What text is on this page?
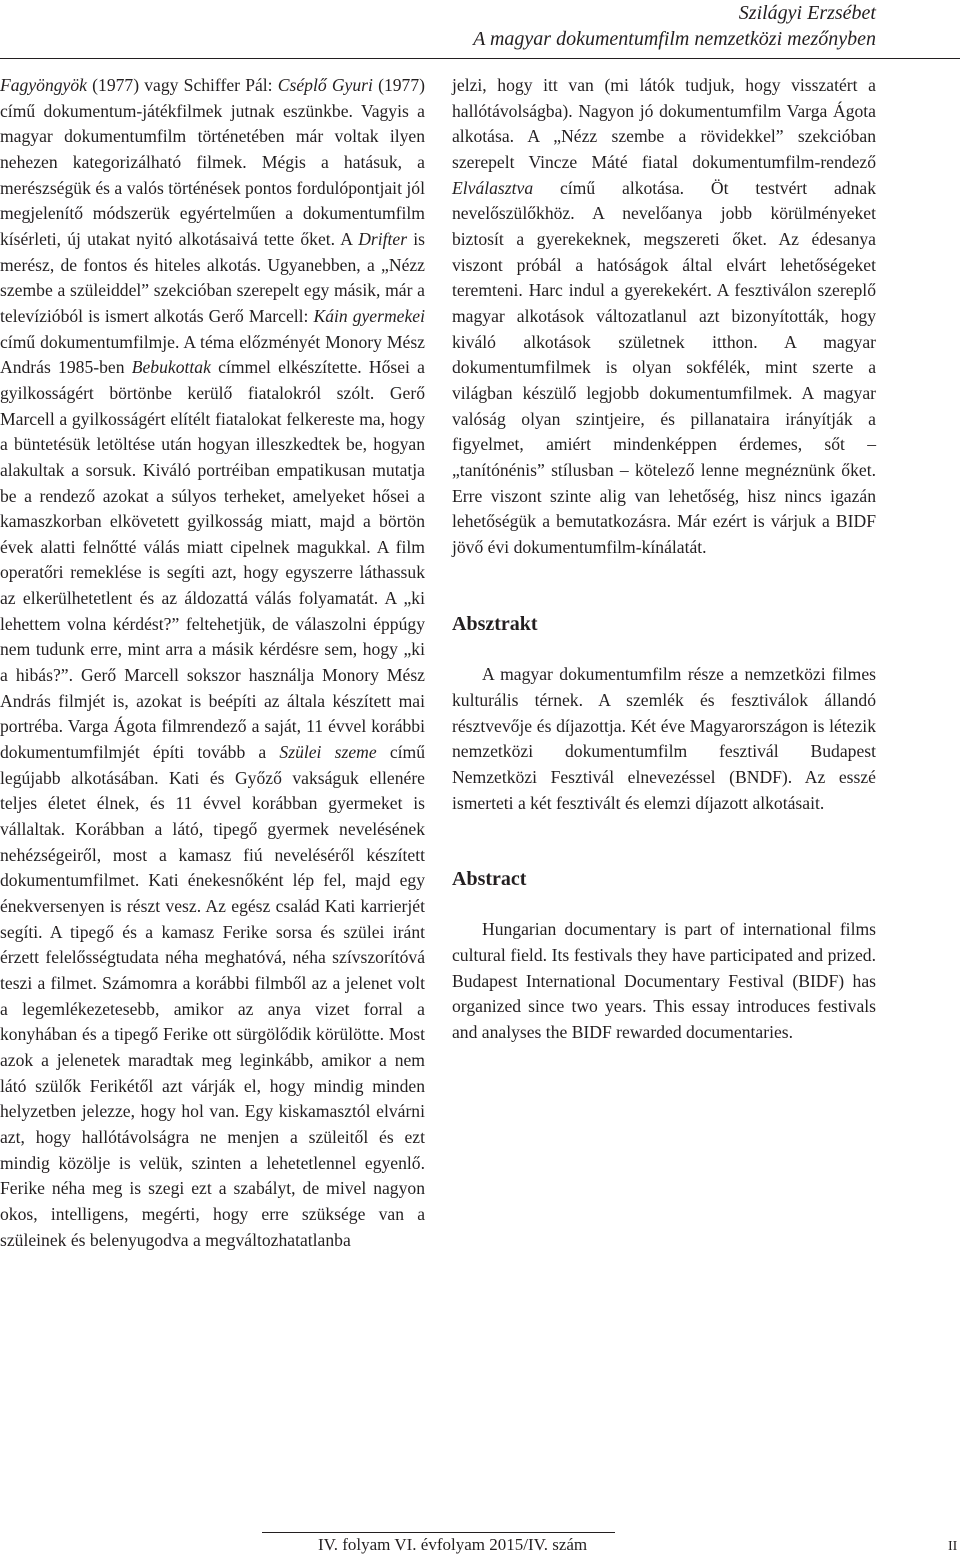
Szilágyi Erzsébet
A magyar dokumentumfilm nemzetközi mezőnyben

Fagyöngyök (1977) vagy Schiffer Pál: Cséplő Gyuri (1977) című dokumentum-játékfilmek jutnak eszünkbe. Vagyis a magyar dokumentumfilm történetében már voltak ilyen nehezen kategorizálható filmek. Mégis a hatásuk, a merészségük és a valós történések pontos fordulópontjait jól megjelenítő módszerük egyértelműen a dokumentumfilm kísérleti, új utakat nyitó alkotásaivá tette őket. A Drifter is merész, de fontos és hiteles alkotás. Ugyanebben, a „Nézz szembe a szüleiddel” szekcióban szerepelt egy másik, már a televízióból is ismert alkotás Gerő Marcell: Káin gyermekei című dokumentumfilmje. A téma előzményét Monory Mész András 1985-ben Bebukottak címmel elkészítette. Hősei a gyilkosságért börtönbe kerülő fiatalokról szólt. Gerő Marcell a gyilkosságért elítélt fiatalokat felkereste ma, hogy a büntetésük letöltése után hogyan illeszkedtek be, hogyan alakultak a sorsuk. Kiváló portréiban empatikusan mutatja be a rendező azokat a súlyos terheket, amelyeket hősei a kamaszkorban elkövetett gyilkosság miatt, majd a börtön évek alatti felnőtté válás miatt cipelnek magukkal. A film operatőri remeklése is segíti azt, hogy egyszerre láthassuk az elkerülhetetlent és az áldozattá válás folyamatát. A „ki lehettem volna kérdést?” feltehetjük, de válaszolni éppúgy nem tudunk erre, mint arra a másik kérdésre sem, hogy „ki a hibás?”. Gerő Marcell sokszor használja Monory Mész András filmjét is, azokat is beépíti az általa készített mai portréba. Varga Ágota filmrendező a saját, 11 évvel korábbi dokumentumfilmjét építi tovább a Szülei szeme című legújabb alkotásában. Kati és Győző vakságuk ellenére teljes életet élnek, és 11 évvel korábban gyermeket is vállaltak. Korábban a látó, tipegő gyermek nevelésének nehézségeiről, most a kamasz fiú neveléséről készített dokumentumfilmet. Kati énekesnőként lép fel, majd egy énekversenyen is részt vesz. Az egész család Kati karrierjét segíti. A tipegő és a kamasz Ferike sorsa és szülei iránt érzett felelősségtudata néha meghatóvá, néha szívszorítóvá teszi a filmet. Számomra a korábbi filmből az a jelenet volt a legemlékezetesebb, amikor az anya vizet forral a konyhában és a tipegő Ferike ott sürgölődik körülötte. Most azok a jelenetek maradtak meg leginkább, amikor a nem látó szülők Ferikétől azt várják el, hogy mindig minden helyzetben jelezze, hogy hol van. Egy kiskamasztól elvárni azt, hogy hallótávolságra ne menjen a szüleitől és ezt mindig közölje is velük, szinten a lehetetlennel egyenlő. Ferike néha meg is szegi ezt a szabályt, de mivel nagyon okos, intelligens, megérti, hogy erre szüksége van a szüleinek és belenyugodva a megváltozhatatlanba

jelzi, hogy itt van (mi látók tudjuk, hogy visszatért a hallótávolságba). Nagyon jó dokumentumfilm Varga Ágota alkotása. A „Nézz szembe a rövidekkel” szekcióban szerepelt Vincze Máté fiatal dokumentumfilm-rendező Elválasztva című alkotása. Öt testvért adnak nevelőszülőkhöz. A nevelőanya jobb körülményeket biztosít a gyerekeknek, megszereti őket. Az édesanya viszont próbál a hatóságok által elvárt lehetőségeket teremteni. Harc indul a gyerekekért. A fesztiválon szereplő magyar alkotások változatlanul azt bizonyították, hogy kiváló alkotások születnek itthon. A magyar dokumentumfilmek is olyan sokfélék, mint szerte a világban készülő legjobb dokumentumfilmek. A magyar valóság olyan szintjeire, és pillanataira irányítják a figyelmet, amiért mindenképpen érdemes, sőt – „tanítónénis” stílusban – kötelező lenne megnéznünk őket. Erre viszont szinte alig van lehetőség, hisz nincs igazán lehetőségük a bemutatkozásra. Már ezért is várjuk a BIDF jövő évi dokumentumfilm-kínálatát.

Absztrakt

A magyar dokumentumfilm része a nemzetközi filmes kulturális térnek. A szemlék és fesztiválok állandó résztvevője és díjazottja. Két éve Magyarországon is létezik nemzetközi dokumentumfilm fesztivál Budapest Nemzetközi Fesztivál elnevezéssel (BNDF). Az esszé ismerteti a két fesztivált és elemzi díjazott alkotásait.

Abstract

Hungarian documentary is part of international films cultural field. Its festivals they have participated and prized. Budapest International Documentary Festival (BIDF) has organized since two years. This essay introduces festivals and analyses the BIDF rewarded documentaries.

IV. folyam VI. évfolyam 2015/IV. szám	II
